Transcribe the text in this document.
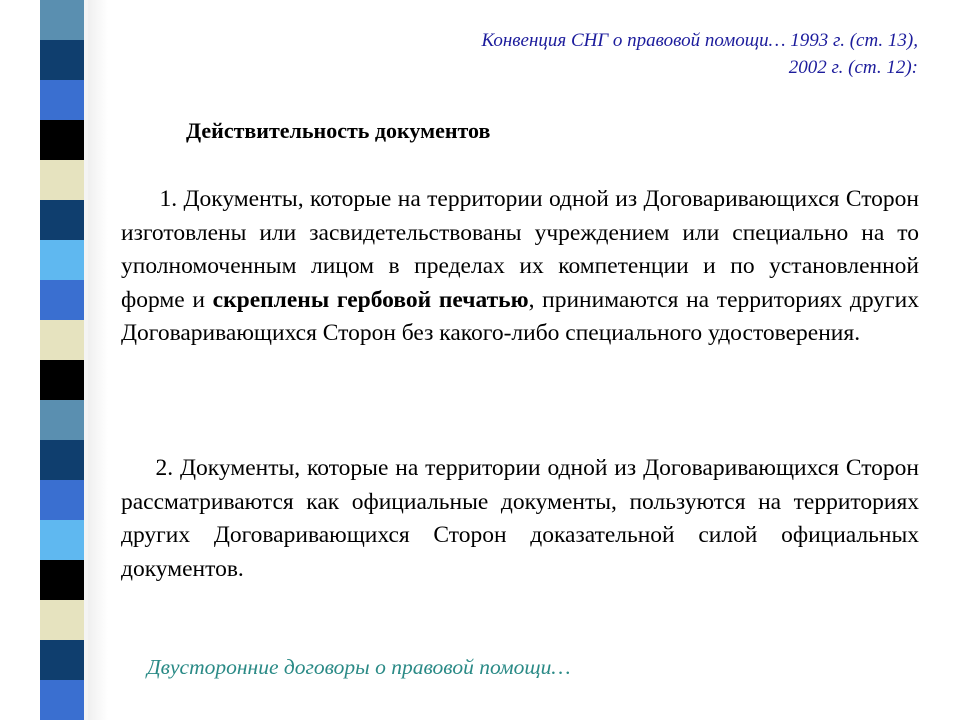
Конвенция СНГ о правовой помощи… 1993 г. (ст. 13),
2002 г. (ст. 12):
Действительность документов
1. Документы, которые на территории одной из Договаривающихся Сторон изготовлены или засвидетельствованы учреждением или специально на то уполномоченным лицом в пределах их компетенции и по установленной форме и скреплены гербовой печатью, принимаются на территориях других Договаривающихся Сторон без какого-либо специального удостоверения.
2. Документы, которые на территории одной из Договаривающихся Сторон рассматриваются как официальные документы, пользуются на территориях других Договаривающихся Сторон доказательной силой официальных документов.
Двусторонние договоры о правовой помощи…
